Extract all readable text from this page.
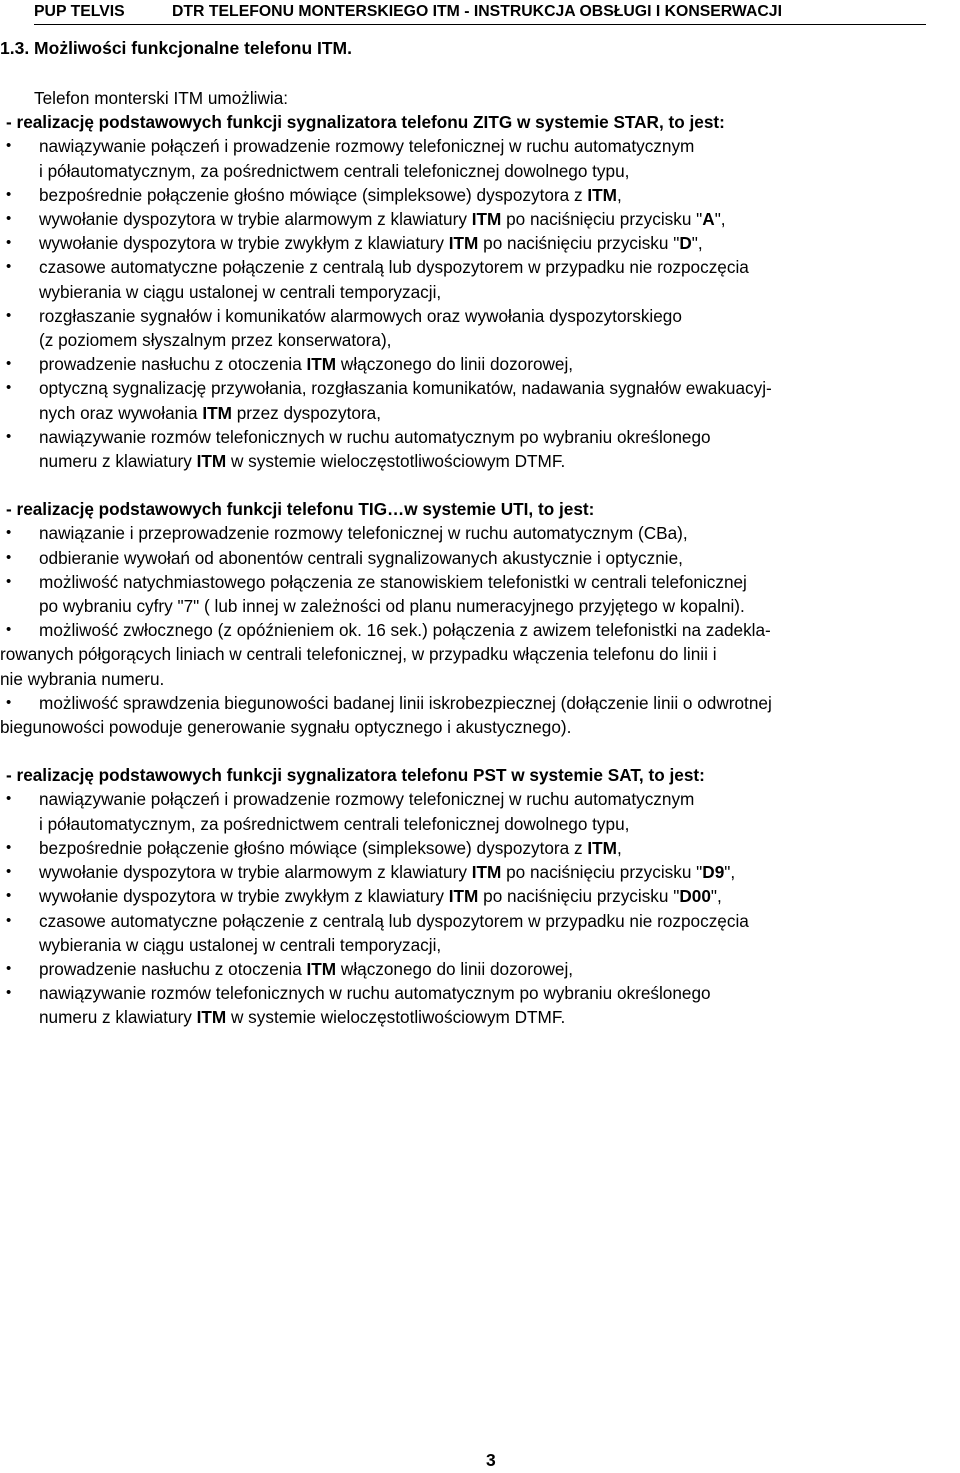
PUP TELVIS	DTR TELEFONU MONTERSKIEGO ITM - INSTRUKCJA OBSŁUGI I KONSERWACJI
1.3. Możliwości funkcjonalne telefonu ITM.
Telefon monterski ITM umożliwia:
- realizację podstawowych funkcji sygnalizatora telefonu ZITG w systemie STAR, to jest:
• nawiązywanie połączeń i prowadzenie rozmowy telefonicznej w ruchu automatycznym
i półautomatycznym, za pośrednictwem centrali telefonicznej dowolnego typu,
• bezpośrednie połączenie głośno mówiące (simpleksowe) dyspozytora z ITM,
• wywołanie dyspozytora w trybie alarmowym z klawiatury ITM po naciśnięciu przycisku "A",
• wywołanie dyspozytora w trybie zwykłym z klawiatury ITM po naciśnięciu przycisku "D",
• czasowe automatyczne połączenie z centralą lub dyspozytorem w przypadku nie rozpoczęcia
wybierania w ciągu ustalonej w centrali temporyzacji,
• rozgłaszanie sygnałów i komunikatów alarmowych oraz wywołania dyspozytorskiego
(z poziomem słyszalnym przez konserwatora),
• prowadzenie nasłuchu z otoczenia ITM włączonego do linii dozorowej,
• optyczną sygnalizację przywołania, rozgłaszania komunikatów, nadawania sygnałów ewakuacyj-
nych oraz wywołania ITM przez dyspozytora,
• nawiązywanie rozmów telefonicznych w ruchu automatycznym po wybraniu określonego
numeru z klawiatury ITM w systemie wieloczęstotliwościowym DTMF.
- realizację podstawowych funkcji telefonu TIG…w systemie UTI, to jest:
• nawiązanie i przeprowadzenie rozmowy telefonicznej w ruchu automatycznym (CBa),
• odbieranie wywołań od abonentów centrali sygnalizowanych akustycznie i optycznie,
• możliwość natychmiastowego połączenia ze stanowiskiem telefonistki w centrali telefonicznej
po wybraniu cyfry "7" ( lub innej w zależności od planu numeracyjnego przyjętego w kopalni).
• możliwość zwłocznego (z opóźnieniem ok. 16 sek.) połączenia z awizem telefonistki na zadekla-
rowanych półgorących liniach w centrali telefonicznej, w przypadku włączenia telefonu do linii i
nie wybrania numeru.
• możliwość sprawdzenia biegunowości badanej linii iskrobezpiecznej (dołączenie linii o odwrotnej
biegunowości powoduje generowanie sygnału optycznego i akustycznego).
- realizację podstawowych funkcji sygnalizatora telefonu PST w systemie SAT, to jest:
• nawiązywanie połączeń i prowadzenie rozmowy telefonicznej w ruchu automatycznym
i półautomatycznym, za pośrednictwem centrali telefonicznej dowolnego typu,
• bezpośrednie połączenie głośno mówiące (simpleksowe) dyspozytora z ITM,
• wywołanie dyspozytora w trybie alarmowym z klawiatury ITM po naciśnięciu przycisku "D9",
• wywołanie dyspozytora w trybie zwykłym z klawiatury ITM po naciśnięciu przycisku "D00",
• czasowe automatyczne połączenie z centralą lub dyspozytorem w przypadku nie rozpoczęcia
wybierania w ciągu ustalonej w centrali temporyzacji,
• prowadzenie nasłuchu z otoczenia ITM włączonego do linii dozorowej,
• nawiązywanie rozmów telefonicznych w ruchu automatycznym po wybraniu określonego
numeru z klawiatury ITM w systemie wieloczęstotliwościowym DTMF.
3
